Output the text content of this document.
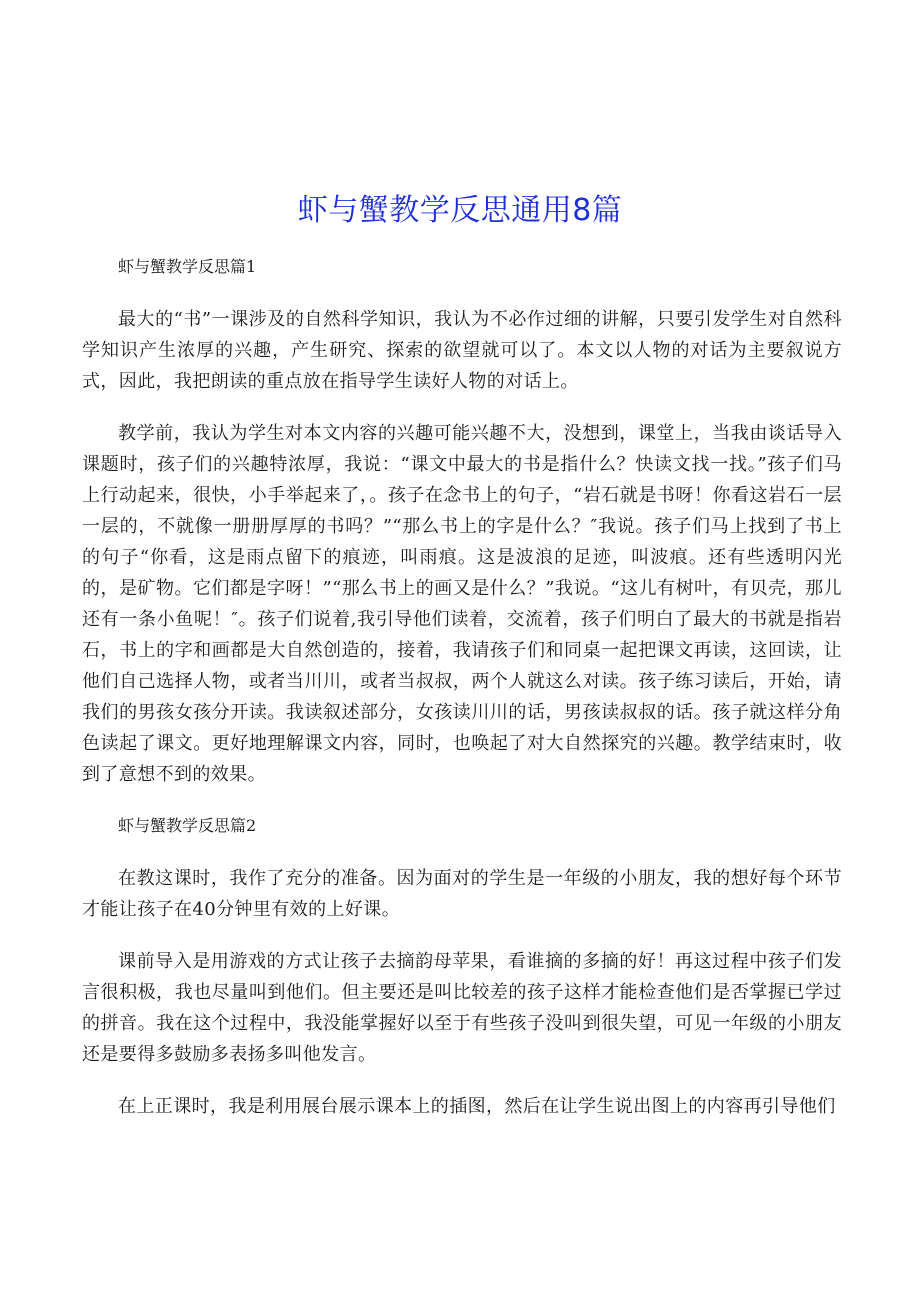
虾与蟹教学反思通用8篇

虾与蟹教学反思篇1

最大的“书”一课涉及的自然科学知识，我认为不必作过细的讲解，只要引发学生对自然科学知识产生浓厚的兴趣，产生研究、探索的欲望就可以了。本文以人物的对话为主要叙说方式，因此，我把朗读的重点放在指导学生读好人物的对话上。

教学前，我认为学生对本文内容的兴趣可能兴趣不大，没想到，课堂上，当我由谈话导入课题时，孩子们的兴趣特浓厚，我说：“课文中最大的书是指什么？快读文找一找。”孩子们马上行动起来，很快，小手举起来了，。孩子在念书上的句子，“岩石就是书呀！你看这岩石一层一层的，不就像一册册厚厚的书吗？”“那么书上的字是什么？″我说。孩子们马上找到了书上的句子“你看，这是雨点留下的痕迹，叫雨痕。这是波浪的足迹，叫波痕。还有些透明闪光的，是矿物。它们都是字呀！”“那么书上的画又是什么？”我说。“这儿有树叶，有贝壳，那儿还有一条小鱼呢！″。孩子们说着,我引导他们读着，交流着，孩子们明白了最大的书就是指岩石，书上的字和画都是大自然创造的，接着，我请孩子们和同桌一起把课文再读，这回读，让他们自己选择人物，或者当川川，或者当叔叔，两个人就这么对读。孩子练习读后，开始，请我们的男孩女孩分开读。我读叙述部分，女孩读川川的话，男孩读叔叔的话。孩子就这样分角色读起了课文。更好地理解课文内容，同时，也唤起了对大自然探究的兴趣。教学结束时，收到了意想不到的效果。

虾与蟹教学反思篇2

在教这课时，我作了充分的准备。因为面对的学生是一年级的小朋友，我的想好每个环节才能让孩子在40分钟里有效的上好课。

课前导入是用游戏的方式让孩子去摘韵母苹果，看谁摘的多摘的好！再这过程中孩子们发言很积极，我也尽量叫到他们。但主要还是叫比较差的孩子这样才能检查他们是否掌握已学过的拼音。我在这个过程中，我没能掌握好以至于有些孩子没叫到很失望，可见一年级的小朋友还是要得多鼓励多表扬多叫他发言。

在上正课时，我是利用展台展示课本上的插图，然后在让学生说出图上的内容再引导他们
